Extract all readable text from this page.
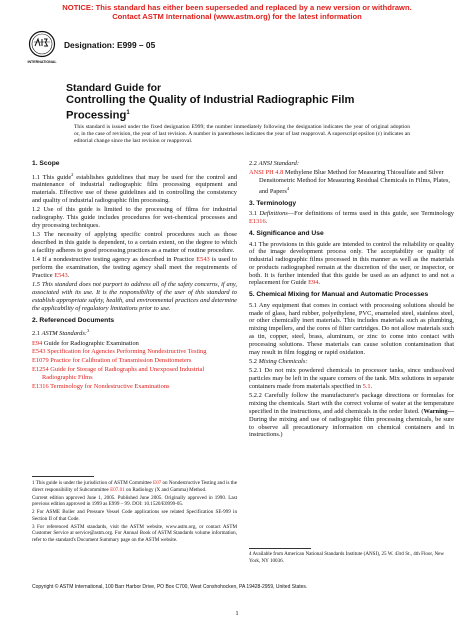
NOTICE: This standard has either been superseded and replaced by a new version or withdrawn.
Contact ASTM International (www.astm.org) for the latest information
INTERNATIONAL
Designation: E999 – 05
Standard Guide for
Controlling the Quality of Industrial Radiographic Film
Processing$^1$
This standard is issued under the fixed designation E999; the number immediately following the designation indicates the year of original adoption or, in the case of revision, the year of last revision. A number in parentheses indicates the year of last reapproval. A superscript epsilon (ε) indicates an editorial change since the last revision or reapproval.
1. Scope

1.1 This guide$^2$ establishes guidelines that may be used for the control and maintenance of industrial radiographic film processing equipment and materials. Effective use of these guidelines aid in controlling the consistency and quality of industrial radiographic film processing.

1.2 Use of this guide is limited to the processing of films for industrial radiography. This guide includes procedures for wet-chemical processes and dry processing techniques.

1.3 The necessity of applying specific control procedures such as those described in this guide is dependent, to a certain extent, on the degree to which a facility adheres to good processing practices as a matter of routine procedure.

1.4 If a nondestructive testing agency as described in Practice E543 is used to perform the examination, the testing agency shall meet the requirements of Practice E543.

1.5 This standard does not purport to address all of the safety concerns, if any, associated with its use. It is the responsibility of the user of this standard to establish appropriate safety, health, and environmental practices and determine the applicability of regulatory limitations prior to use.

2. Referenced Documents

2.1 ASTM Standards:$^3$

E94 Guide for Radiographic Examination
E543 Specification for Agencies Performing Nondestructive Testing
E1079 Practice for Calibration of Transmission Densitometers
E1254 Guide for Storage of Radiographs and Unexposed Industrial Radiographic Films
E1316 Terminology for Nondestructive Examinations

1 This guide is under the jurisdiction of ASTM Committee E07 on Nondestructive Testing and is the direct responsibility of Subcommittee E07.01 on Radiology (X and Gamma) Method.

Current edition approved June 1, 2005. Published June 2005. Originally approved in 1990. Last previous edition approved in 1999 as E999 – 99. DOI: 10.1520/E0999-05.

2 For ASME Boiler and Pressure Vessel Code applications see related Specification SE-999 in Section II of that Code.

3 For referenced ASTM standards, visit the ASTM website, www.astm.org, or contact ASTM Customer Service at service@astm.org. For Annual Book of ASTM Standards volume information, refer to the standard's Document Summary page on the ASTM website.

2.2 ANSI Standard:

ANSI PH 4.8 Methylene Blue Method for Measuring Thiosulfate and Silver Densitometric Method for Measuring Residual Chemicals in Films, Plates, and Papers$^4$
3. Terminology

3.1 Definitions—For definitions of terms used in this guide, see Terminology E1316.

4. Significance and Use

4.1 The provisions in this guide are intended to control the reliability or quality of the image development process only. The acceptability or quality of industrial radiographic films processed in this manner as well as the materials or products radiographed remain at the discretion of the user, or inspector, or both. It is further intended that this guide be used as an adjunct to and not a replacement for Guide E94.

5. Chemical Mixing for Manual and Automatic Processes

5.1 Any equipment that comes in contact with processing solutions should be made of glass, hard rubber, polyethylene, PVC, enameled steel, stainless steel, or other chemically inert materials. This includes materials such as plumbing, mixing impellers, and the cores of filter cartridges. Do not allow materials such as tin, copper, steel, brass, aluminum, or zinc to come into contact with processing solutions. These materials can cause solution contamination that may result in film fogging or rapid oxidation.

5.2 Mixing Chemicals:

5.2.1 Do not mix powdered chemicals in processor tanks, since undissolved particles may be left in the square corners of the tank. Mix solutions in separate containers made from materials specified in 5.1.

5.2.2 Carefully follow the manufacturer's package directions or formulas for mixing the chemicals. Start with the correct volume of water at the temperature specified in the instructions, and add chemicals in the order listed. (Warning—During the mixing and use of radiographic film processing chemicals, be sure to observe all precautionary information on chemical containers and in instructions.)

4 Available from American National Standards Institute (ANSI), 25 W. 43rd St., 4th Floor, New York, NY 10036.
Copyright © ASTM International, 100 Barr Harbor Drive, PO Box C700, West Conshohocken, PA 19428-2959, United States.
1
